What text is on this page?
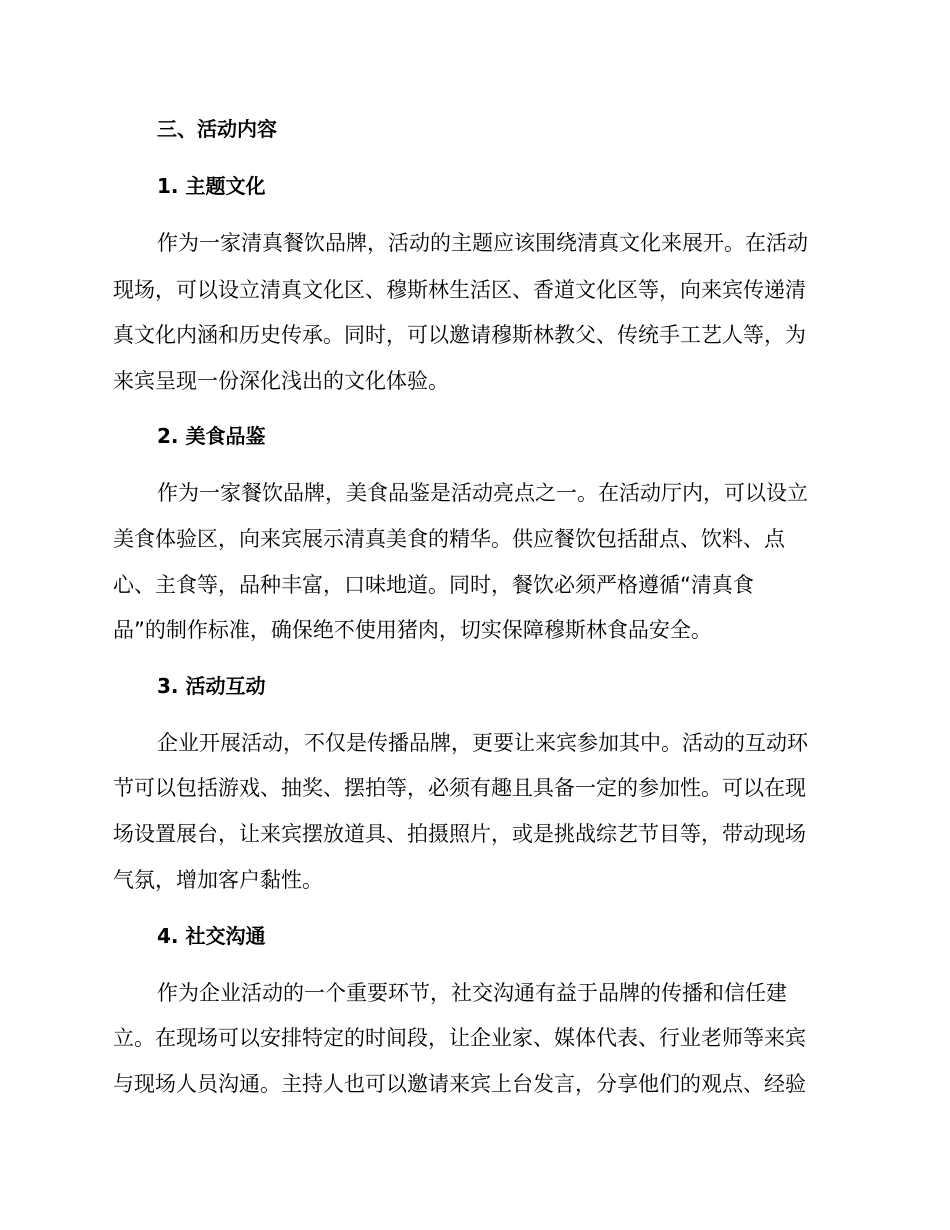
三、活动内容
1. 主题文化
作为一家清真餐饮品牌，活动的主题应该围绕清真文化来展开。在活动
现场，可以设立清真文化区、穆斯林生活区、香道文化区等，向来宾传递清
真文化内涵和历史传承。同时，可以邀请穆斯林教父、传统手工艺人等，为
来宾呈现一份深化浅出的文化体验。
2. 美食品鉴
作为一家餐饮品牌，美食品鉴是活动亮点之一。在活动厅内，可以设立
美食体验区，向来宾展示清真美食的精华。供应餐饮包括甜点、饮料、点
心、主食等，品种丰富，口味地道。同时，餐饮必须严格遵循“清真食
品”的制作标准，确保绝不使用猪肉，切实保障穆斯林食品安全。
3. 活动互动
企业开展活动，不仅是传播品牌，更要让来宾参加其中。活动的互动环
节可以包括游戏、抽奖、摆拍等，必须有趣且具备一定的参加性。可以在现
场设置展台，让来宾摆放道具、拍摄照片，或是挑战综艺节目等，带动现场
气氛，增加客户黏性。
4. 社交沟通
作为企业活动的一个重要环节，社交沟通有益于品牌的传播和信任建
立。在现场可以安排特定的时间段，让企业家、媒体代表、行业老师等来宾
与现场人员沟通。主持人也可以邀请来宾上台发言，分享他们的观点、经验
